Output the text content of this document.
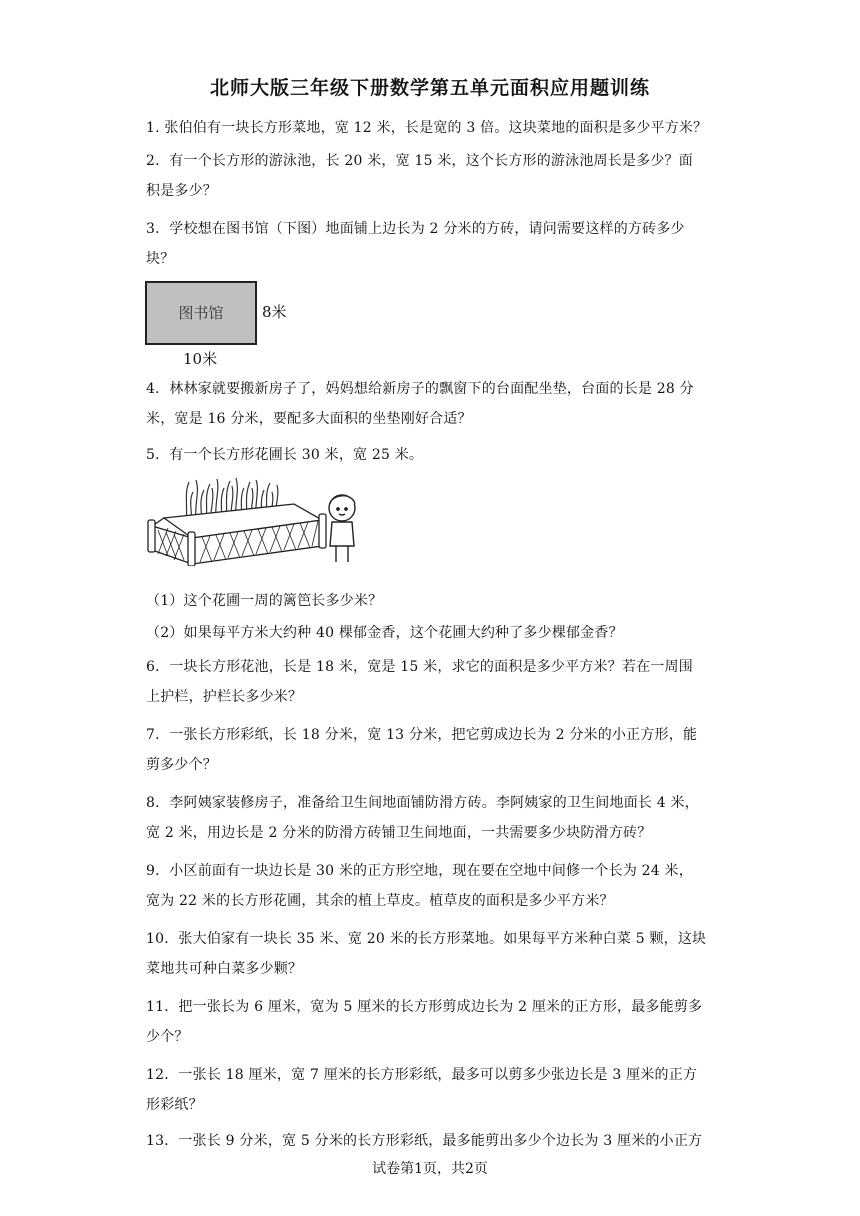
北师大版三年级下册数学第五单元面积应用题训练
1. 张伯伯有一块长方形菜地，宽 12 米，长是宽的 3 倍。这块菜地的面积是多少平方米？
2．有一个长方形的游泳池，长 20 米，宽 15 米，这个长方形的游泳池周长是多少？面
积是多少？
3．学校想在图书馆（下图）地面铺上边长为 2 分米的方砖，请问需要这样的方砖多少
块？
图书馆	8米
10米
4．林林家就要搬新房子了，妈妈想给新房子的飘窗下的台面配坐垫，台面的长是 28 分
米，宽是 16 分米，要配多大面积的坐垫刚好合适？
5．有一个长方形花圃长 30 米，宽 25 米。
（1）这个花圃一周的篱笆长多少米？
（2）如果每平方米大约种 40 棵郁金香，这个花圃大约种了多少棵郁金香？
6．一块长方形花池，长是 18 米，宽是 15 米，求它的面积是多少平方米？若在一周围
上护栏，护栏长多少米？
7．一张长方形彩纸，长 18 分米，宽 13 分米，把它剪成边长为 2 分米的小正方形，能
剪多少个？
8．李阿姨家装修房子，准备给卫生间地面铺防滑方砖。李阿姨家的卫生间地面长 4 米，
宽 2 米，用边长是 2 分米的防滑方砖铺卫生间地面，一共需要多少块防滑方砖？
9．小区前面有一块边长是 30 米的正方形空地，现在要在空地中间修一个长为 24 米，
宽为 22 米的长方形花圃，其余的植上草皮。植草皮的面积是多少平方米？
10．张大伯家有一块长 35 米、宽 20 米的长方形菜地。如果每平方米种白菜 5 颗，这块
菜地共可种白菜多少颗？
11．把一张长为 6 厘米，宽为 5 厘米的长方形剪成边长为 2 厘米的正方形，最多能剪多
少个？
12．一张长 18 厘米，宽 7 厘米的长方形彩纸，最多可以剪多少张边长是 3 厘米的正方
形彩纸？
13．一张长 9 分米，宽 5 分米的长方形彩纸，最多能剪出多少个边长为 3 厘米的小正方
试卷第1页，共2页
